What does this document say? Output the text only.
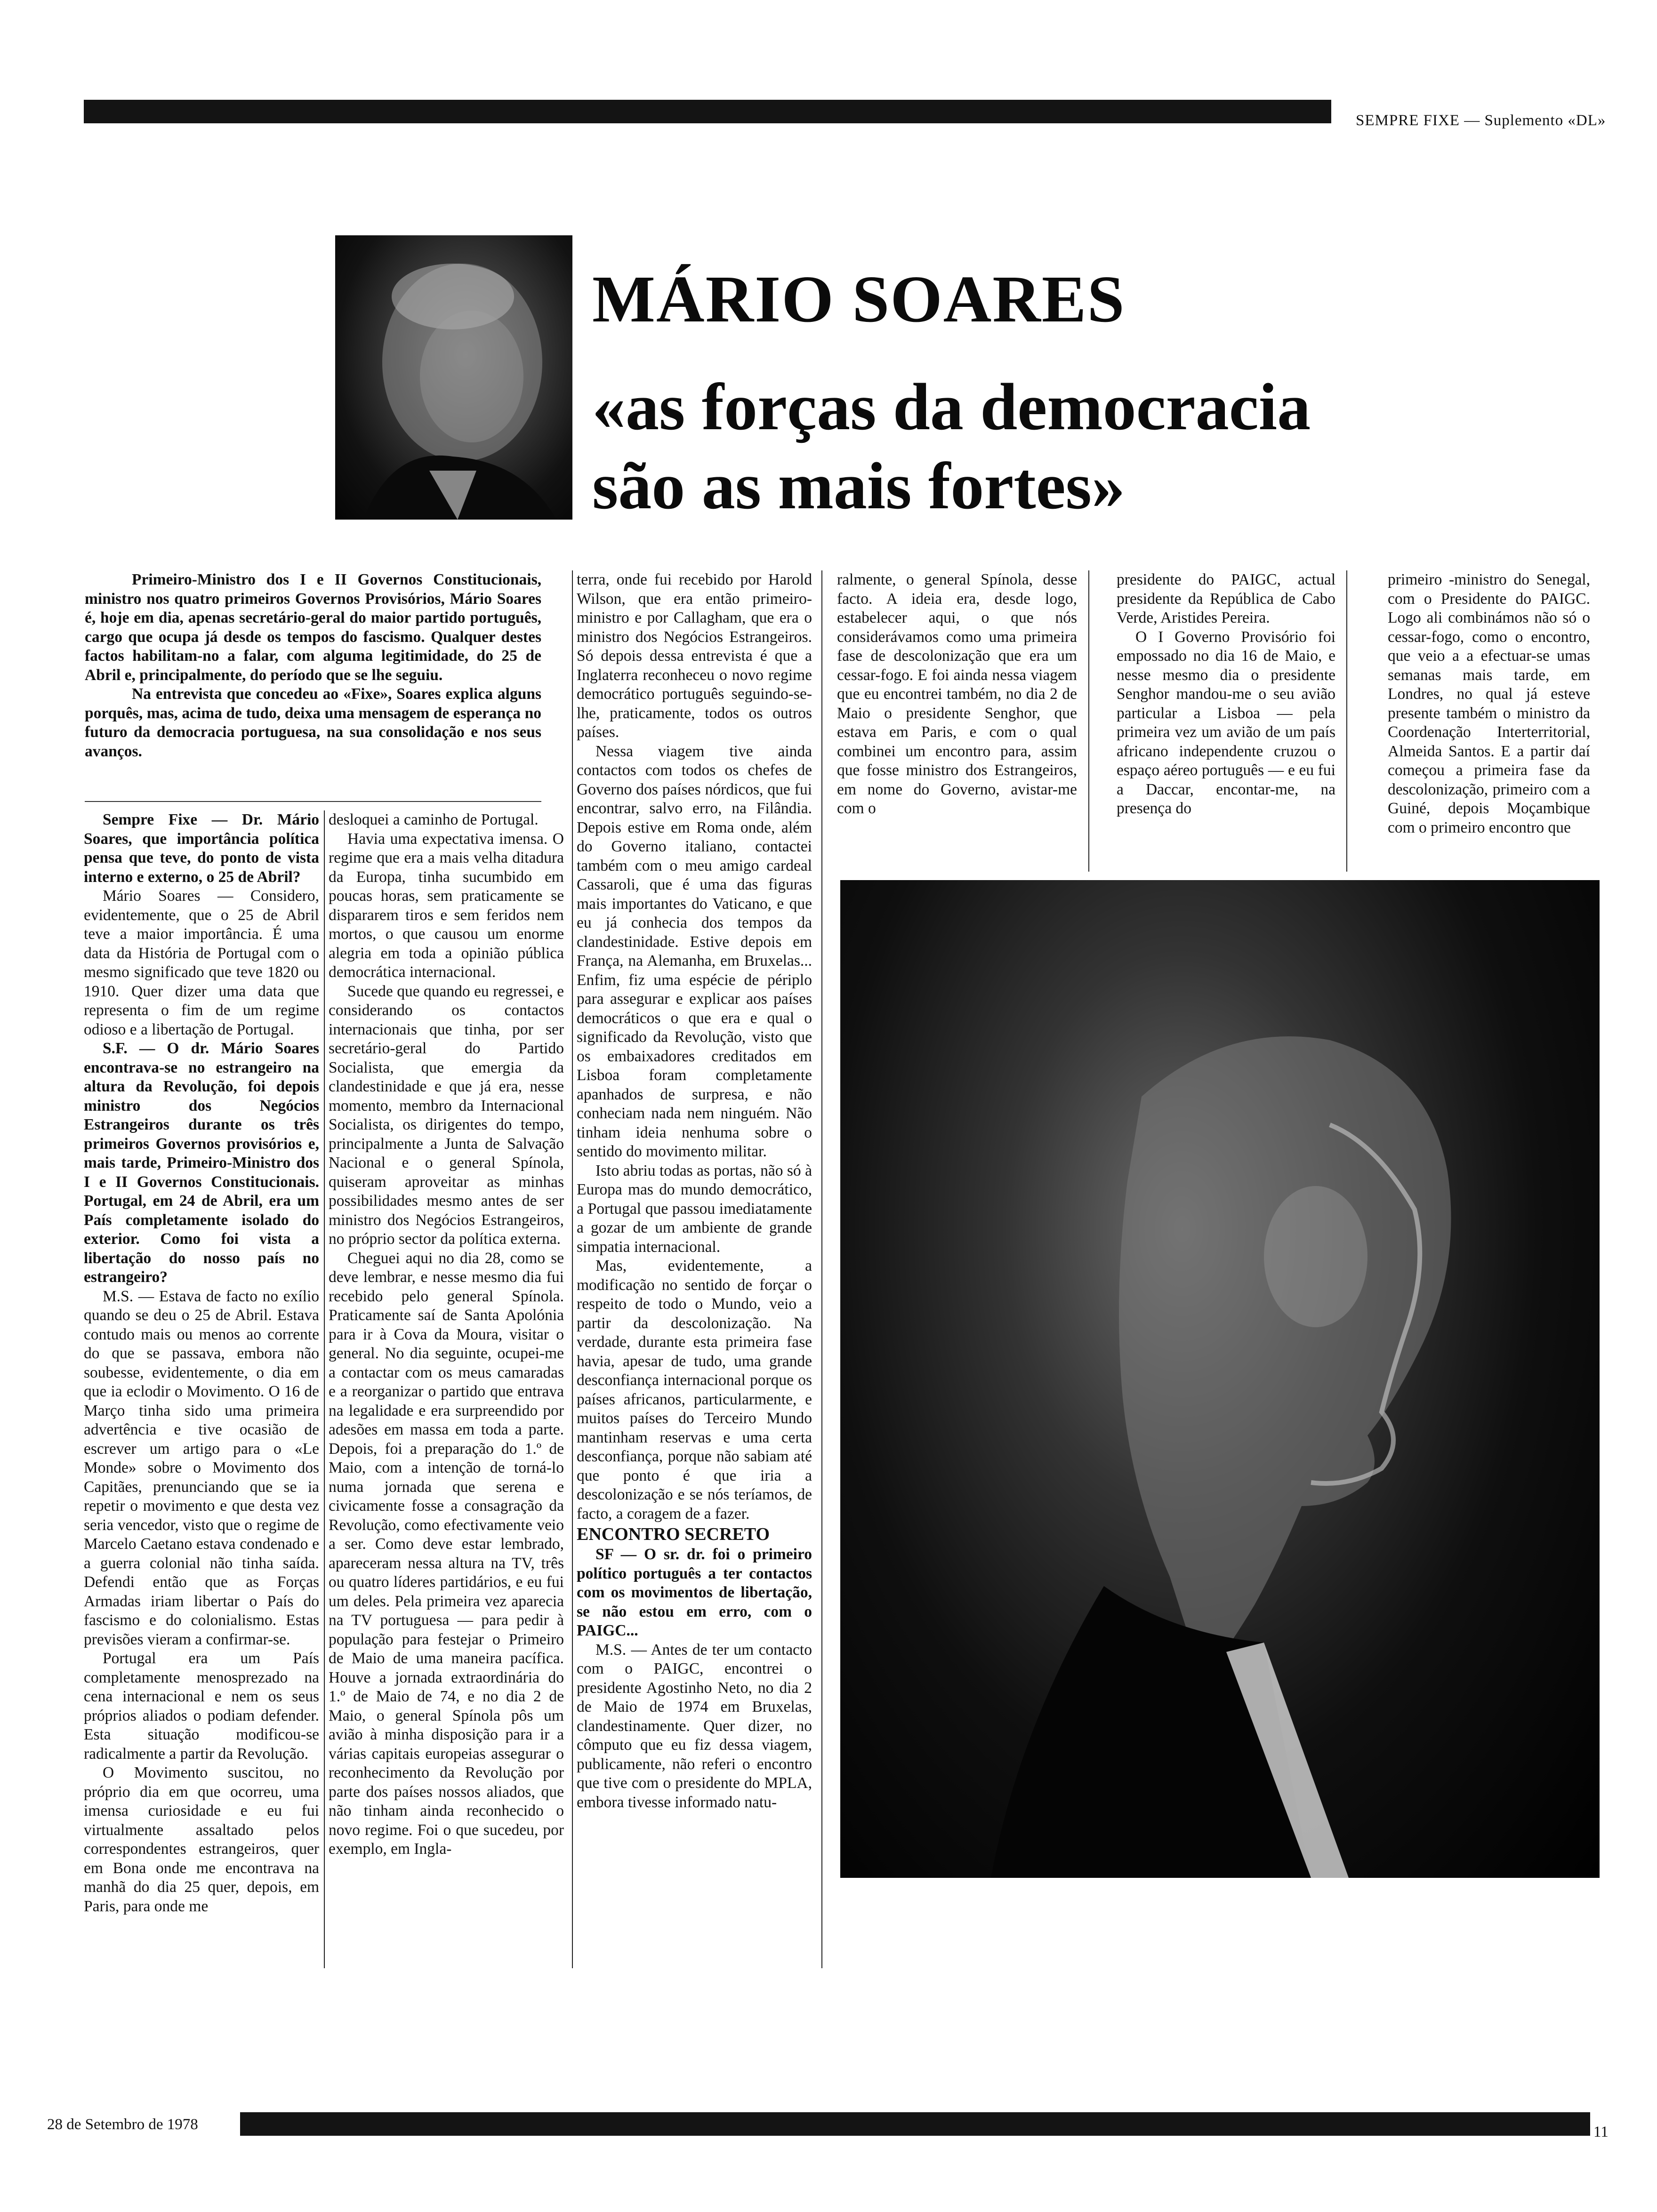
SEMPRE FIXE — Suplemento «DL»
MÁRIO SOARES
«as forças da democracia
são as mais fortes»

Primeiro-Ministro dos I e II Governos Constitucionais, ministro nos quatro primeiros Governos Provisórios, Mário Soares é, hoje em dia, apenas secretário-geral do maior partido português, cargo que ocupa já desde os tempos do fascismo. Qualquer destes factos habilitam-no a falar, com alguma legitimidade, do 25 de Abril e, principalmente, do período que se lhe seguiu.

Na entrevista que concedeu ao «Fixe», Soares explica alguns porquês, mas, acima de tudo, deixa uma mensagem de esperança no futuro da democracia portuguesa, na sua consolidação e nos seus avanços.

Sempre Fixe — Dr. Mário Soares, que importância política pensa que teve, do ponto de vista interno e externo, o 25 de Abril?

Mário Soares — Considero, evidentemente, que o 25 de Abril teve a maior importância. É uma data da História de Portugal com o mesmo significado que teve 1820 ou 1910. Quer dizer uma data que representa o fim de um regime odioso e a libertação de Portugal.

S.F. — O dr. Mário Soares encontrava-se no estrangeiro na altura da Revolução, foi depois ministro dos Negócios Estrangeiros durante os três primeiros Governos provisórios e, mais tarde, Primeiro-Ministro dos I e II Governos Constitucionais. Portugal, em 24 de Abril, era um País completamente isolado do exterior. Como foi vista a libertação do nosso país no estrangeiro?

M.S. — Estava de facto no exílio quando se deu o 25 de Abril. Estava contudo mais ou menos ao corrente do que se passava, embora não soubesse, evidentemente, o dia em que ia eclodir o Movimento. O 16 de Março tinha sido uma primeira advertência e tive ocasião de escrever um artigo para o «Le Monde» sobre o Movimento dos Capitães, prenunciando que se ia repetir o movimento e que desta vez seria vencedor, visto que o regime de Marcelo Caetano estava condenado e a guerra colonial não tinha saída. Defendi então que as Forças Armadas iriam libertar o País do fascismo e do colonialismo. Estas previsões vieram a confirmar-se.

Portugal era um País completamente menosprezado na cena internacional e nem os seus próprios aliados o podiam defender. Esta situação modificou-se radicalmente a partir da Revolução.

O Movimento suscitou, no próprio dia em que ocorreu, uma imensa curiosidade e eu fui virtualmente assaltado pelos correspondentes estrangeiros, quer em Bona onde me encontrava na manhã do dia 25 quer, depois, em Paris, para onde me

desloquei a caminho de Portugal.

Havia uma expectativa imensa. O regime que era a mais velha ditadura da Europa, tinha sucumbido em poucas horas, sem praticamente se dispararem tiros e sem feridos nem mortos, o que causou um enorme alegria em toda a opinião pública democrática internacional.

Sucede que quando eu regressei, e considerando os contactos internacionais que tinha, por ser secretário-geral do Partido Socialista, que emergia da clandestinidade e que já era, nesse momento, membro da Internacional Socialista, os dirigentes do tempo, principalmente a Junta de Salvação Nacional e o general Spínola, quiseram aproveitar as minhas possibilidades mesmo antes de ser ministro dos Negócios Estrangeiros, no próprio sector da política externa.

Cheguei aqui no dia 28, como se deve lembrar, e nesse mesmo dia fui recebido pelo general Spínola. Praticamente saí de Santa Apolónia para ir à Cova da Moura, visitar o general. No dia seguinte, ocupei-me a contactar com os meus camaradas e a reorganizar o partido que entrava na legalidade e era surpreendido por adesões em massa em toda a parte. Depois, foi a preparação do 1.º de Maio, com a intenção de torná-lo numa jornada que serena e civicamente fosse a consagração da Revolução, como efectivamente veio a ser. Como deve estar lembrado, apareceram nessa altura na TV, três ou quatro líderes partidários, e eu fui um deles. Pela primeira vez aparecia na TV portuguesa — para pedir à população para festejar o Primeiro de Maio de uma maneira pacífica. Houve a jornada extraordinária do 1.º de Maio de 74, e no dia 2 de Maio, o general Spínola pôs um avião à minha disposição para ir a várias capitais europeias assegurar o reconhecimento da Revolução por parte dos países nossos aliados, que não tinham ainda reconhecido o novo regime. Foi o que sucedeu, por exemplo, em Ingla-

terra, onde fui recebido por Harold Wilson, que era então primeiro-ministro e por Callagham, que era o ministro dos Negócios Estrangeiros. Só depois dessa entrevista é que a Inglaterra reconheceu o novo regime democrático português seguindo-se-lhe, praticamente, todos os outros países.

Nessa viagem tive ainda contactos com todos os chefes de Governo dos países nórdicos, que fui encontrar, salvo erro, na Filândia. Depois estive em Roma onde, além do Governo italiano, contactei também com o meu amigo cardeal Cassaroli, que é uma das figuras mais importantes do Vaticano, e que eu já conhecia dos tempos da clandestinidade. Estive depois em França, na Alemanha, em Bruxelas... Enfim, fiz uma espécie de périplo para assegurar e explicar aos países democráticos o que era e qual o significado da Revolução, visto que os embaixadores creditados em Lisboa foram completamente apanhados de surpresa, e não conheciam nada nem ninguém. Não tinham ideia nenhuma sobre o sentido do movimento militar.

Isto abriu todas as portas, não só à Europa mas do mundo democrático, a Portugal que passou imediatamente a gozar de um ambiente de grande simpatia internacional.

Mas, evidentemente, a modificação no sentido de forçar o respeito de todo o Mundo, veio a partir da descolonização. Na verdade, durante esta primeira fase havia, apesar de tudo, uma grande desconfiança internacional porque os países africanos, particularmente, e muitos países do Terceiro Mundo mantinham reservas e uma certa desconfiança, porque não sabiam até que ponto é que iria a descolonização e se nós teríamos, de facto, a coragem de a fazer.

ENCONTRO SECRETO

SF — O sr. dr. foi o primeiro político português a ter contactos com os movimentos de libertação, se não estou em erro, com o PAIGC...

M.S. — Antes de ter um contacto com o PAIGC, encontrei o presidente Agostinho Neto, no dia 2 de Maio de 1974 em Bruxelas, clandestinamente. Quer dizer, no cômputo que eu fiz dessa viagem, publicamente, não referi o encontro que tive com o presidente do MPLA, embora tivesse informado natu-

ralmente, o general Spínola, desse facto. A ideia era, desde logo, estabelecer aqui, o que nós considerávamos como uma primeira fase de descolonização que era um cessar-fogo. E foi ainda nessa viagem que eu encontrei também, no dia 2 de Maio o presidente Senghor, que estava em Paris, e com o qual combinei um encontro para, assim que fosse ministro dos Estrangeiros, em nome do Governo, avistar-me com o

presidente do PAIGC, actual presidente da República de Cabo Verde, Aristides Pereira.

O I Governo Provisório foi empossado no dia 16 de Maio, e nesse mesmo dia o presidente Senghor mandou-me o seu avião particular a Lisboa — pela primeira vez um avião de um país africano independente cruzou o espaço aéreo português — e eu fui a Daccar, encontar-me, na presença do

primeiro -ministro do Senegal, com o Presidente do PAIGC. Logo ali combinámos não só o cessar-fogo, como o encontro, que veio a a efectuar-se umas semanas mais tarde, em Londres, no qual já esteve presente também o ministro da Coordenação Interterritorial, Almeida Santos. E a partir daí começou a primeira fase da descolonização, primeiro com a Guiné, depois Moçambique com o primeiro encontro que

28 de Setembro de 1978	11
